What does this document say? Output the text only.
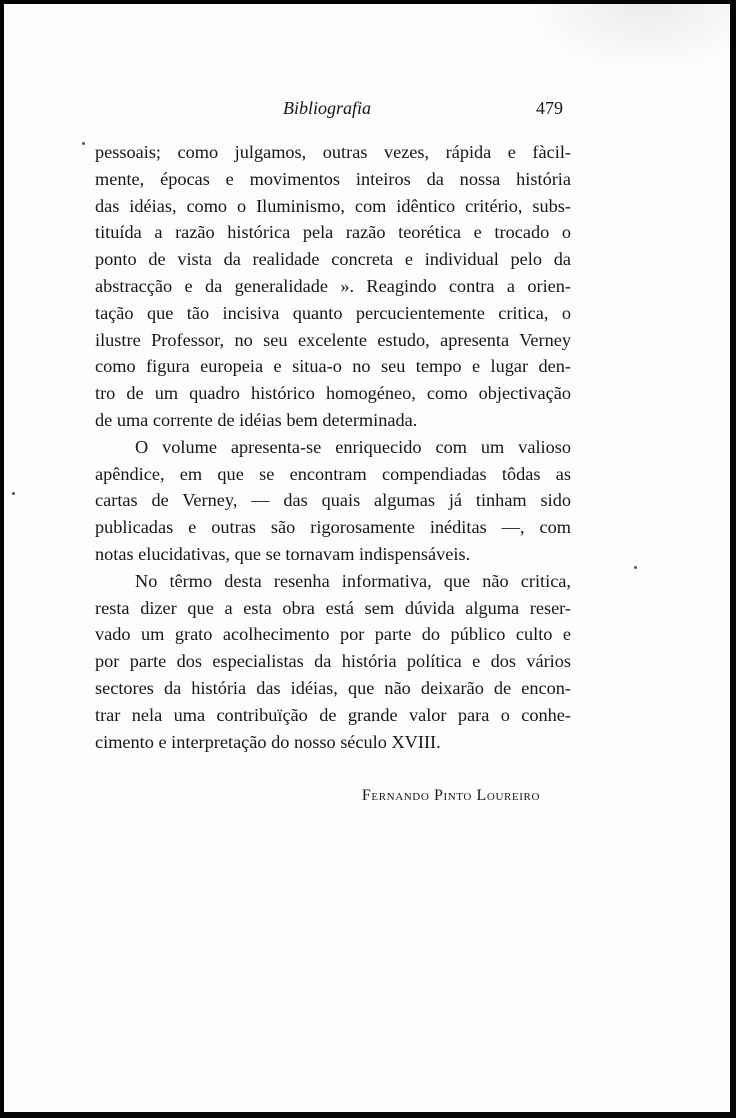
Bibliografia	479
pessoais; como julgamos, outras vezes, rápida e fàcil-
mente, épocas e movimentos inteiros da nossa história
das idéias, como o Iluminismo, com idêntico critério, subs-
tituída a razão histórica pela razão teorética e trocado o
ponto de vista da realidade concreta e individual pelo da
abstracção e da generalidade ». Reagindo contra a orien-
tação que tão incisiva quanto percucientemente critica, o
ilustre Professor, no seu excelente estudo, apresenta Verney
como figura europeia e situa-o no seu tempo e lugar den-
tro de um quadro histórico homogéneo, como objectivação
de uma corrente de idéias bem determinada.
O volume apresenta-se enriquecido com um valioso
apêndice, em que se encontram compendiadas tôdas as
cartas de Verney, — das quais algumas já tinham sido
publicadas e outras são rigorosamente inéditas —, com
notas elucidativas, que se tornavam indispensáveis.
No têrmo desta resenha informativa, que não critica,
resta dizer que a esta obra está sem dúvida alguma reser-
vado um grato acolhecimento por parte do público culto e
por parte dos especialistas da história política e dos vários
sectores da história das idéias, que não deixarão de encon-
trar nela uma contribuïção de grande valor para o conhe-
cimento e interpretação do nosso século XVIII.
Fernando Pinto Loureiro
